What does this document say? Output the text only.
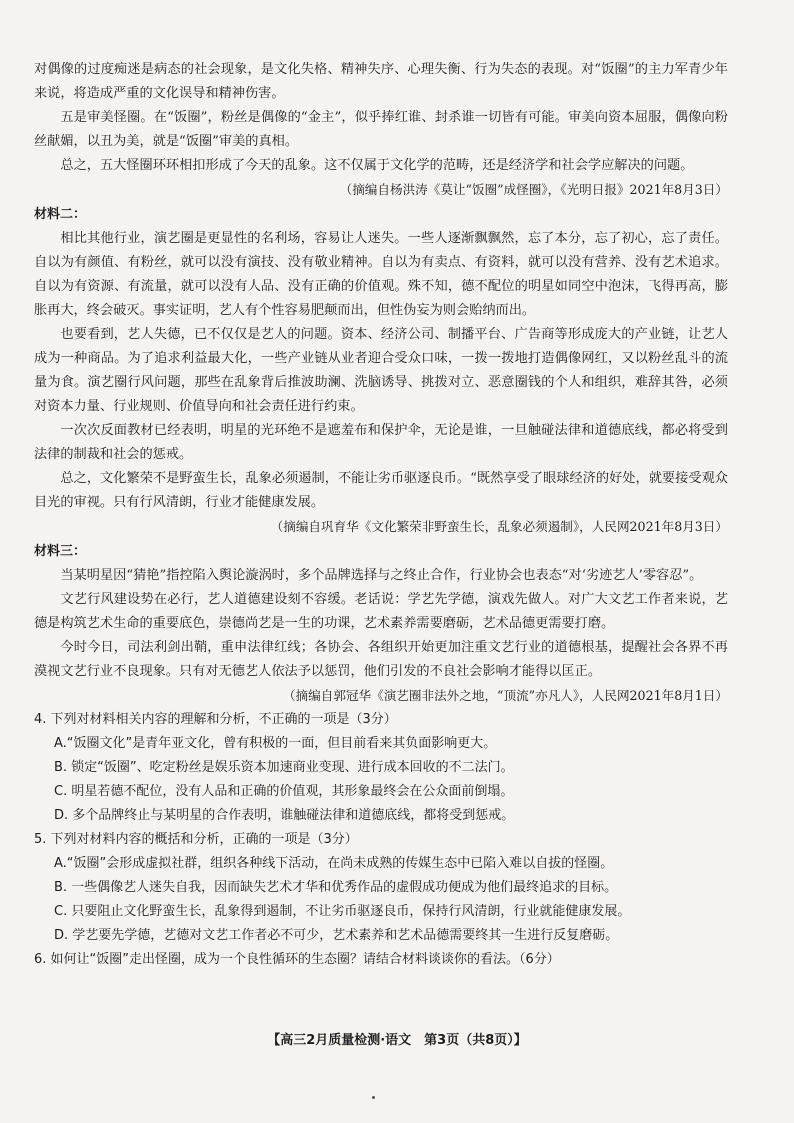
对偶像的过度痴迷是病态的社会现象，是文化失格、精神失序、心理失衡、行为失态的表现。对“饭圈”的主力军青少年来说，将造成严重的文化误导和精神伤害。

五是审美怪圈。在“饭圈”，粉丝是偶像的“金主”，似乎捧红谁、封杀谁一切皆有可能。审美向资本屈服，偶像向粉丝献媚，以丑为美，就是“饭圈”审美的真相。

总之，五大怪圈环环相扣形成了今天的乱象。这不仅属于文化学的范畴，还是经济学和社会学应解决的问题。

（摘编自杨洪涛《莫让“饭圈”成怪圈》，《光明日报》2021年8月3日）

材料二：

相比其他行业，演艺圈是更显性的名利场，容易让人迷失。一些人逐渐飘飘然，忘了本分，忘了初心，忘了责任。自以为有颜值、有粉丝，就可以没有演技、没有敬业精神。自以为有卖点、有资料，就可以没有营养、没有艺术追求。自以为有资源、有流量，就可以没有人品、没有正确的价值观。殊不知，德不配位的明星如同空中泡沫，飞得再高，膨胀再大，终会破灭。事实证明，艺人有个性容易肥颠而出，但性伪妄为则会贻纳而出。

也要看到，艺人失德，已不仅仅是艺人的问题。资本、经济公司、制播平台、广告商等形成庞大的产业链，让艺人成为一种商品。为了追求利益最大化，一些产业链从业者迎合受众口味，一拨一拨地打造偶像网红，又以粉丝乱斗的流量为食。演艺圈行风问题，那些在乱象背后推波助澜、洗脑诱导、挑拨对立、恶意圈钱的个人和组织，难辞其咎，必须对资本力量、行业规则、价值导向和社会责任进行约束。

一次次反面教材已经表明，明星的光环绝不是遮羞布和保护伞，无论是谁，一旦触碰法律和道德底线，都必将受到法律的制裁和社会的惩戒。

总之，文化繁荣不是野蛮生长，乱象必须遏制，不能让劣币驱逐良币。“既然享受了眼球经济的好处，就要接受观众目光的审视。只有行风清朗，行业才能健康发展。

（摘编自巩育华《文化繁荣非野蛮生长，乱象必须遏制》，人民网2021年8月3日）

材料三：

当某明星因“猜艳”指控陷入舆论漩涡时，多个品牌选择与之终止合作，行业协会也表态“对‘劣迹艺人’零容忍”。

文艺行风建设势在必行，艺人道德建设刻不容缓。老话说：学艺先学德，演戏先做人。对广大文艺工作者来说，艺德是构筑艺术生命的重要底色，崇德尚艺是一生的功课，艺术素养需要磨砺，艺术品德更需要打磨。

今时今日，司法利剑出鞘，重申法律红线；各协会、各组织开始更加注重文艺行业的道德根基，提醒社会各界不再漠视文艺行业不良现象。只有对无德艺人依法予以惩罚，他们引发的不良社会影响才能得以匡正。

（摘编自郭冠华《演艺圈非法外之地，“顶流”亦凡人》，人民网2021年8月1日）

4. 下列对材料相关内容的理解和分析，不正确的一项是（3分）

A.“饭圈文化”是青年亚文化，曾有积极的一面，但目前看来其负面影响更大。

B. 锁定“饭圈”、吃定粉丝是娱乐资本加速商业变现、进行成本回收的不二法门。

C. 明星若德不配位，没有人品和正确的价值观，其形象最终会在公众面前倒塌。

D. 多个品牌终止与某明星的合作表明，谁触碰法律和道德底线，都将受到惩戒。

5. 下列对材料内容的概括和分析，正确的一项是（3分）

A.“饭圈”会形成虚拟社群，组织各种线下活动，在尚未成熟的传媒生态中已陷入难以自拔的怪圈。

B. 一些偶像艺人迷失自我，因而缺失艺术才华和优秀作品的虚假成功便成为他们最终追求的目标。

C. 只要阻止文化野蛮生长，乱象得到遏制，不让劣币驱逐良币，保持行风清朗，行业就能健康发展。

D. 学艺要先学德，艺德对文艺工作者必不可少，艺术素养和艺术品德需要终其一生进行反复磨砺。

6. 如何让“饭圈”走出怪圈，成为一个良性循环的生态圈？请结合材料谈谈你的看法。（6分）

【高三2月质量检测·语文　第3页（共8页）】
